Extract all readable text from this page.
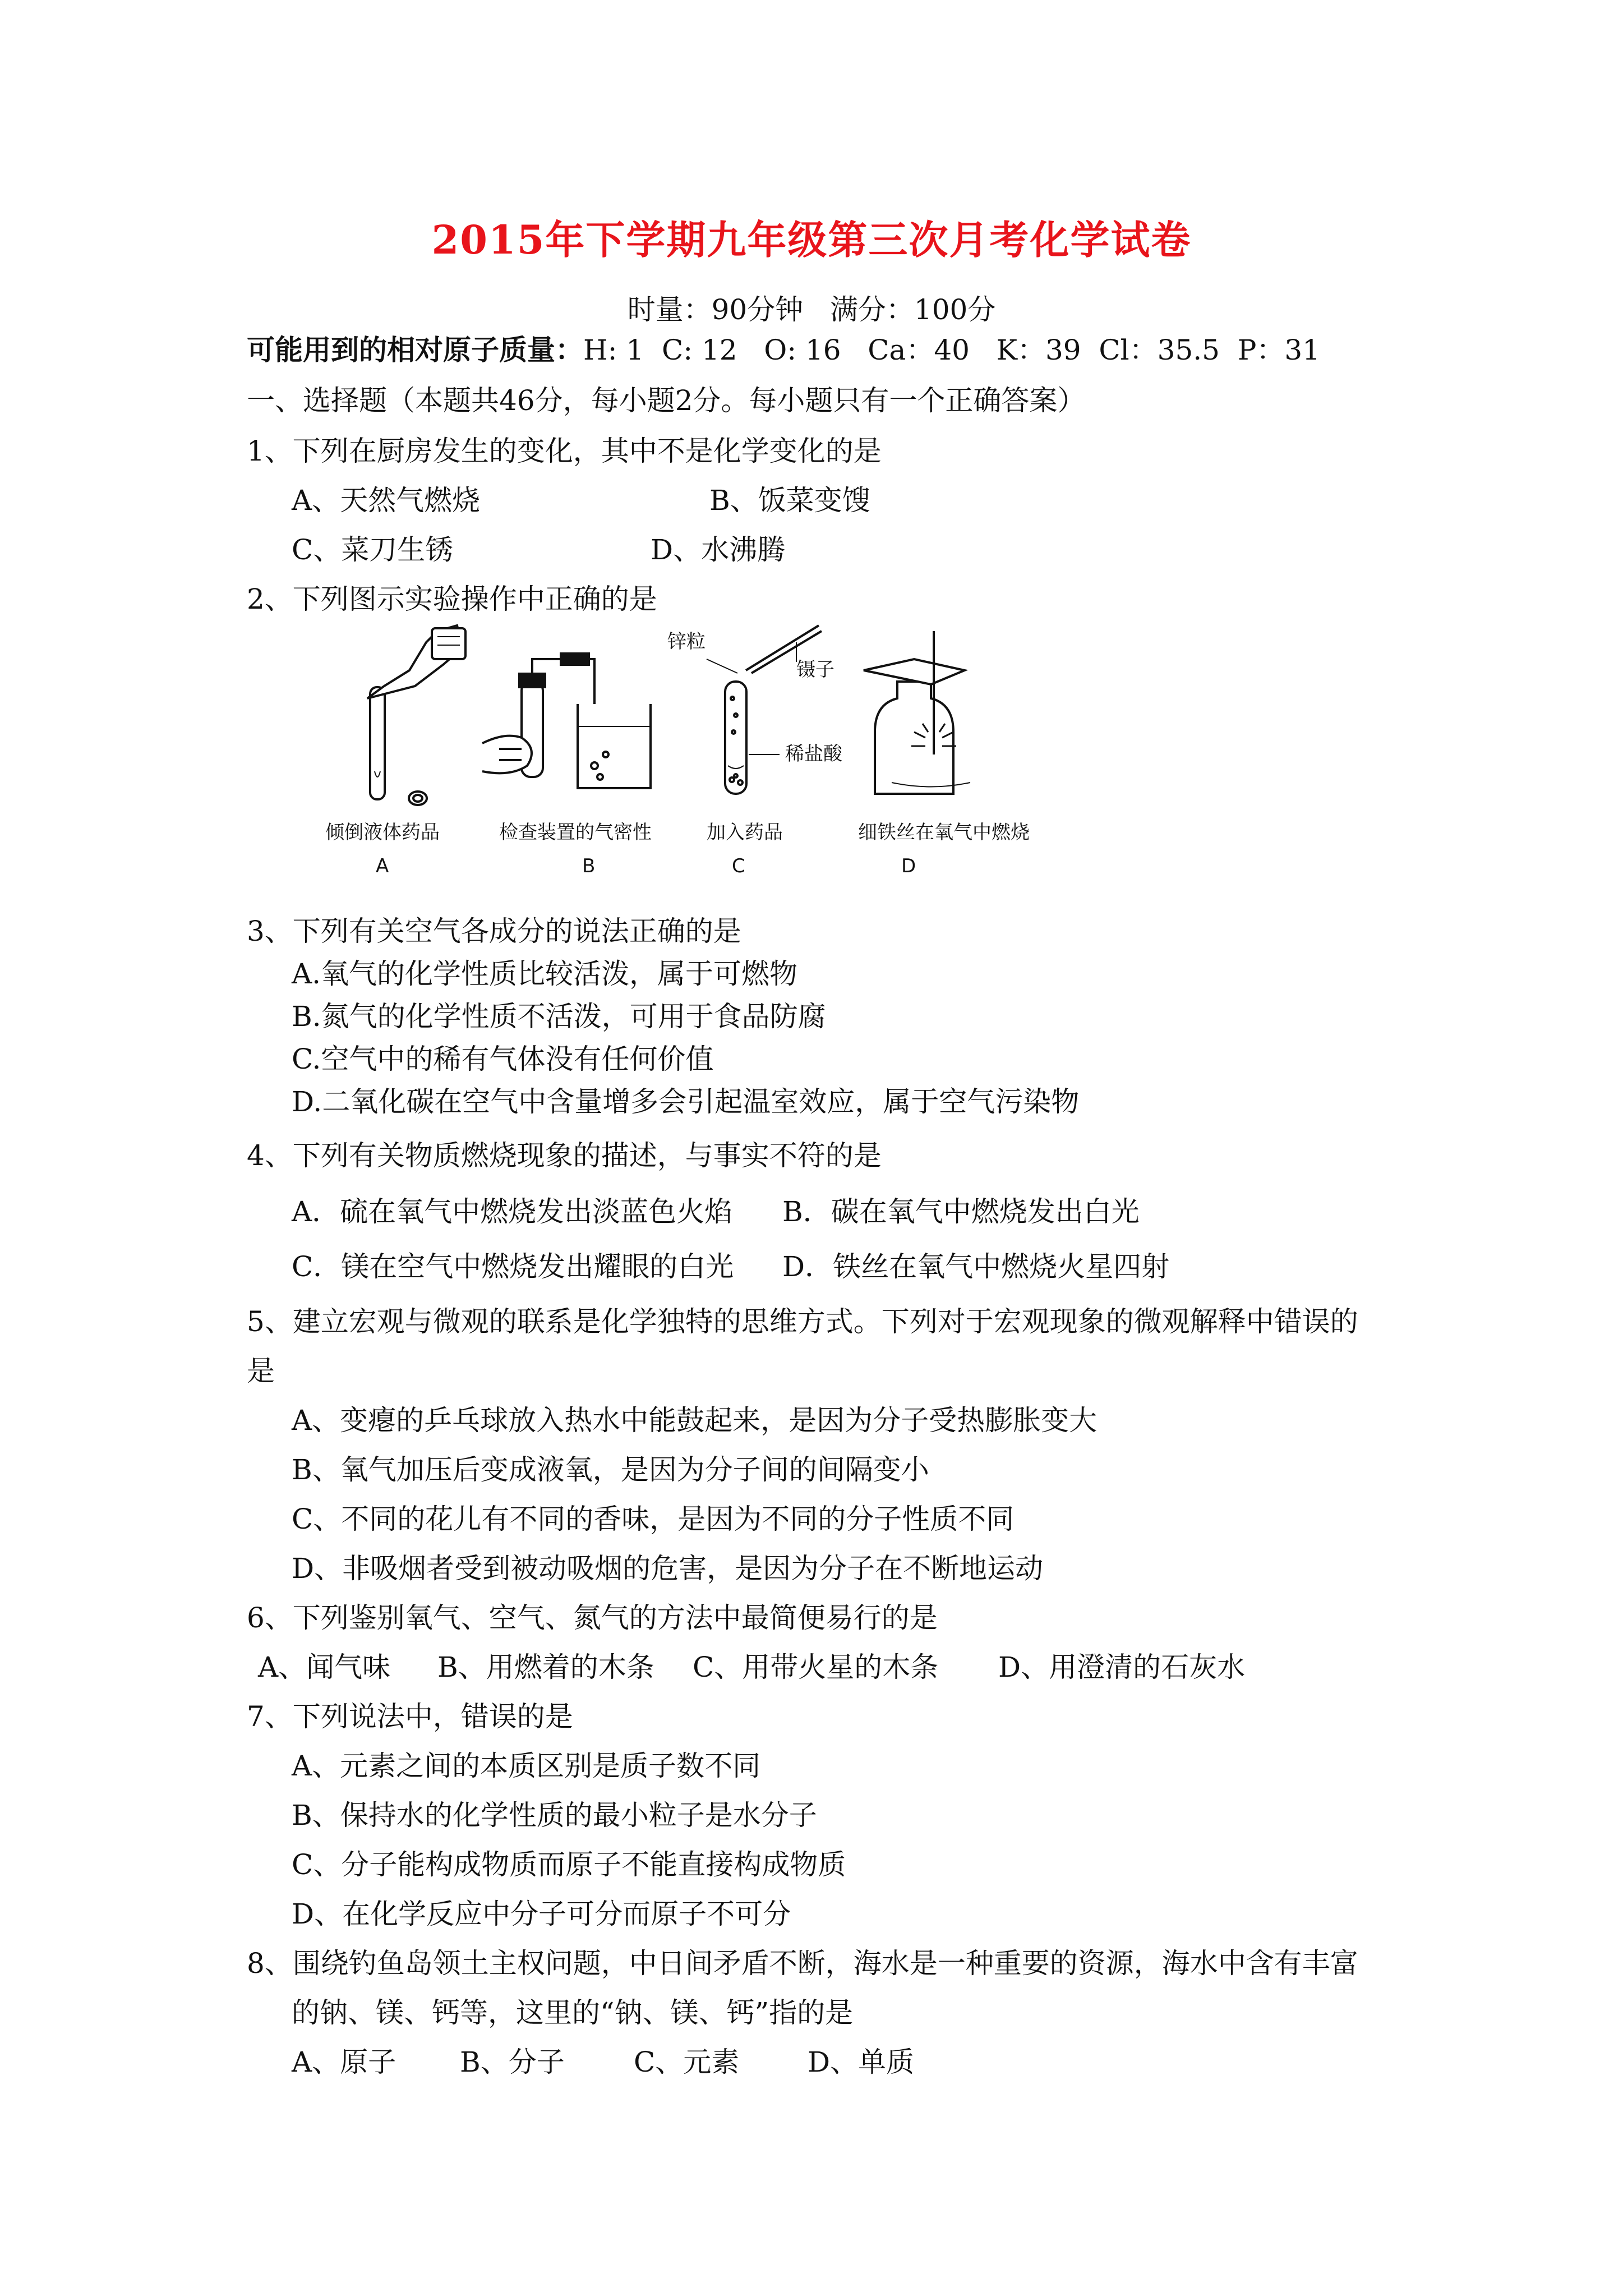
2015年下学期九年级第三次月考化学试卷
时量：90分钟 满分：100分
可能用到的相对原子质量：H: 1  C: 12   O: 16   Ca：40   K：39  Cl：35.5  P：31
一、选择题（本题共46分，每小题2分。每小题只有一个正确答案）
1、下列在厨房发生的变化，其中不是化学变化的是
A、天然气燃烧	B、饭菜变馊
C、菜刀生锈	D、水沸腾
2、下列图示实验操作中正确的是
倾倒液体药品
A
检查装置的气密性
B
锌粒
镊子
稀盐酸
加入药品
C
细铁丝在氧气中燃烧
D
3、下列有关空气各成分的说法正确的是
A.氧气的化学性质比较活泼，属于可燃物
B.氮气的化学性质不活泼，可用于食品防腐
C.空气中的稀有气体没有任何价值
D.二氧化碳在空气中含量增多会引起温室效应，属于空气污染物
4、下列有关物质燃烧现象的描述，与事实不符的是
A．硫在氧气中燃烧发出淡蓝色火焰 B．碳在氧气中燃烧发出白光
C．镁在空气中燃烧发出耀眼的白光 D．铁丝在氧气中燃烧火星四射
5、建立宏观与微观的联系是化学独特的思维方式。下列对于宏观现象的微观解释中错误的
是
A、变瘪的乒乓球放入热水中能鼓起来，是因为分子受热膨胀变大
B、氧气加压后变成液氧，是因为分子间的间隔变小
C、不同的花儿有不同的香味，是因为不同的分子性质不同
D、非吸烟者受到被动吸烟的危害，是因为分子在不断地运动
6、下列鉴别氧气、空气、氮气的方法中最简便易行的是
A、闻气味 B、用燃着的木条 C、用带火星的木条 D、用澄清的石灰水
7、下列说法中，错误的是
A、元素之间的本质区别是质子数不同
B、保持水的化学性质的最小粒子是水分子
C、分子能构成物质而原子不能直接构成物质
D、在化学反应中分子可分而原子不可分
8、围绕钓鱼岛领土主权问题，中日间矛盾不断，海水是一种重要的资源，海水中含有丰富
的钠、镁、钙等，这里的“钠、镁、钙”指的是
A、原子 B、分子 C、元素 D、单质
